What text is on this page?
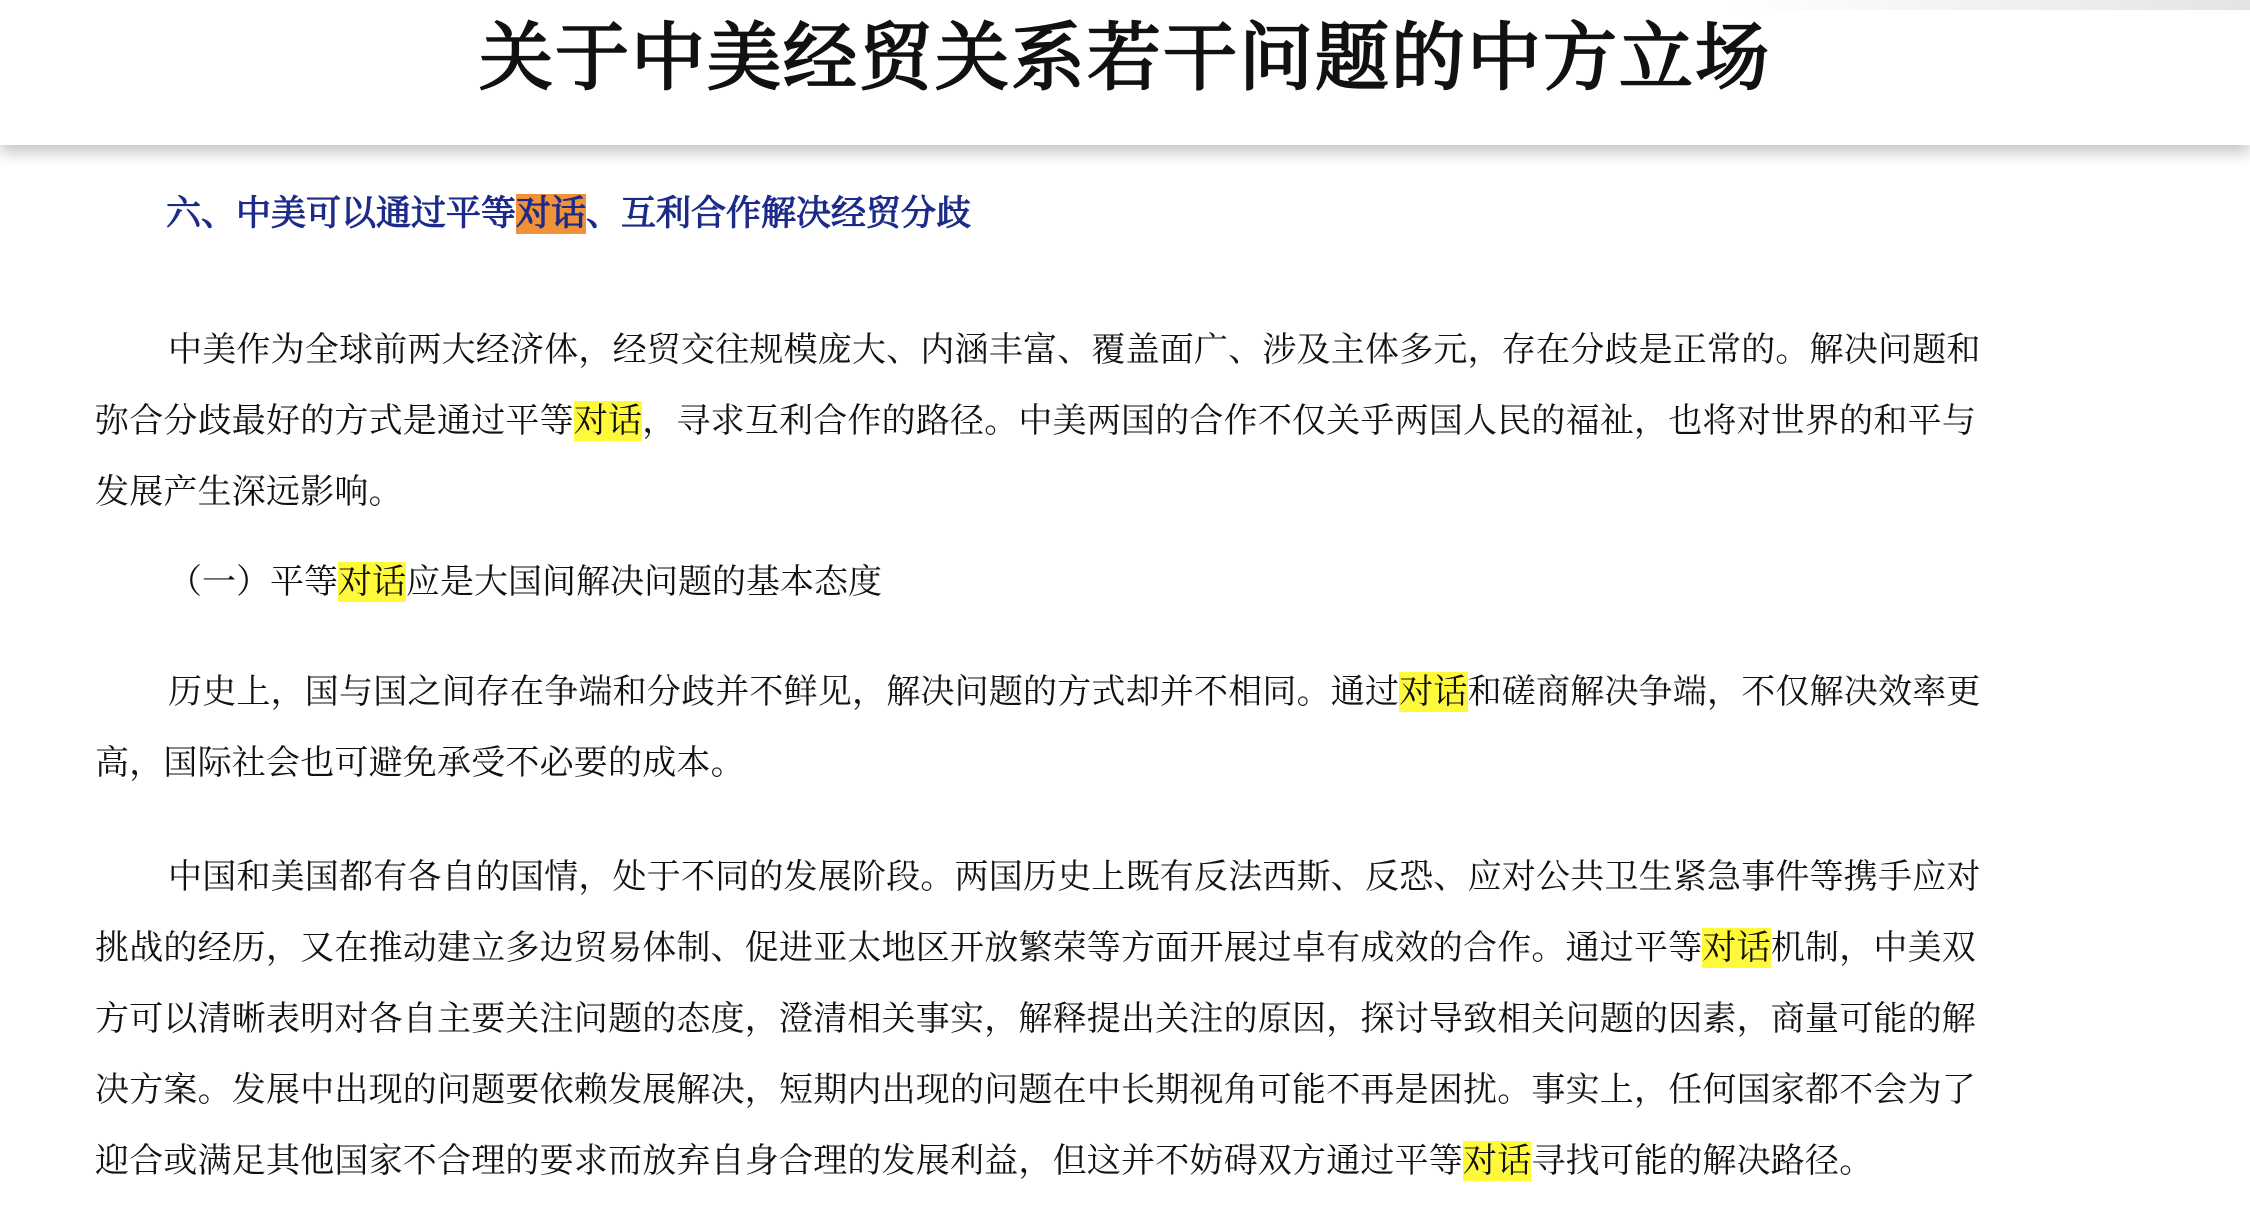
关于中美经贸关系若干问题的中方立场
六、中美可以通过平等对话、互利合作解决经贸分歧
中美作为全球前两大经济体，经贸交往规模庞大、内涵丰富、覆盖面广、涉及主体多元，存在分歧是正常的。解决问题和
弥合分歧最好的方式是通过平等对话，寻求互利合作的路径。中美两国的合作不仅关乎两国人民的福祉，也将对世界的和平与
发展产生深远影响。
（一）平等对话应是大国间解决问题的基本态度
历史上，国与国之间存在争端和分歧并不鲜见，解决问题的方式却并不相同。通过对话和磋商解决争端，不仅解决效率更
高，国际社会也可避免承受不必要的成本。
中国和美国都有各自的国情，处于不同的发展阶段。两国历史上既有反法西斯、反恐、应对公共卫生紧急事件等携手应对
挑战的经历，又在推动建立多边贸易体制、促进亚太地区开放繁荣等方面开展过卓有成效的合作。通过平等对话机制，中美双
方可以清晰表明对各自主要关注问题的态度，澄清相关事实，解释提出关注的原因，探讨导致相关问题的因素，商量可能的解
决方案。发展中出现的问题要依赖发展解决，短期内出现的问题在中长期视角可能不再是困扰。事实上，任何国家都不会为了
迎合或满足其他国家不合理的要求而放弃自身合理的发展利益，但这并不妨碍双方通过平等对话寻找可能的解决路径。
